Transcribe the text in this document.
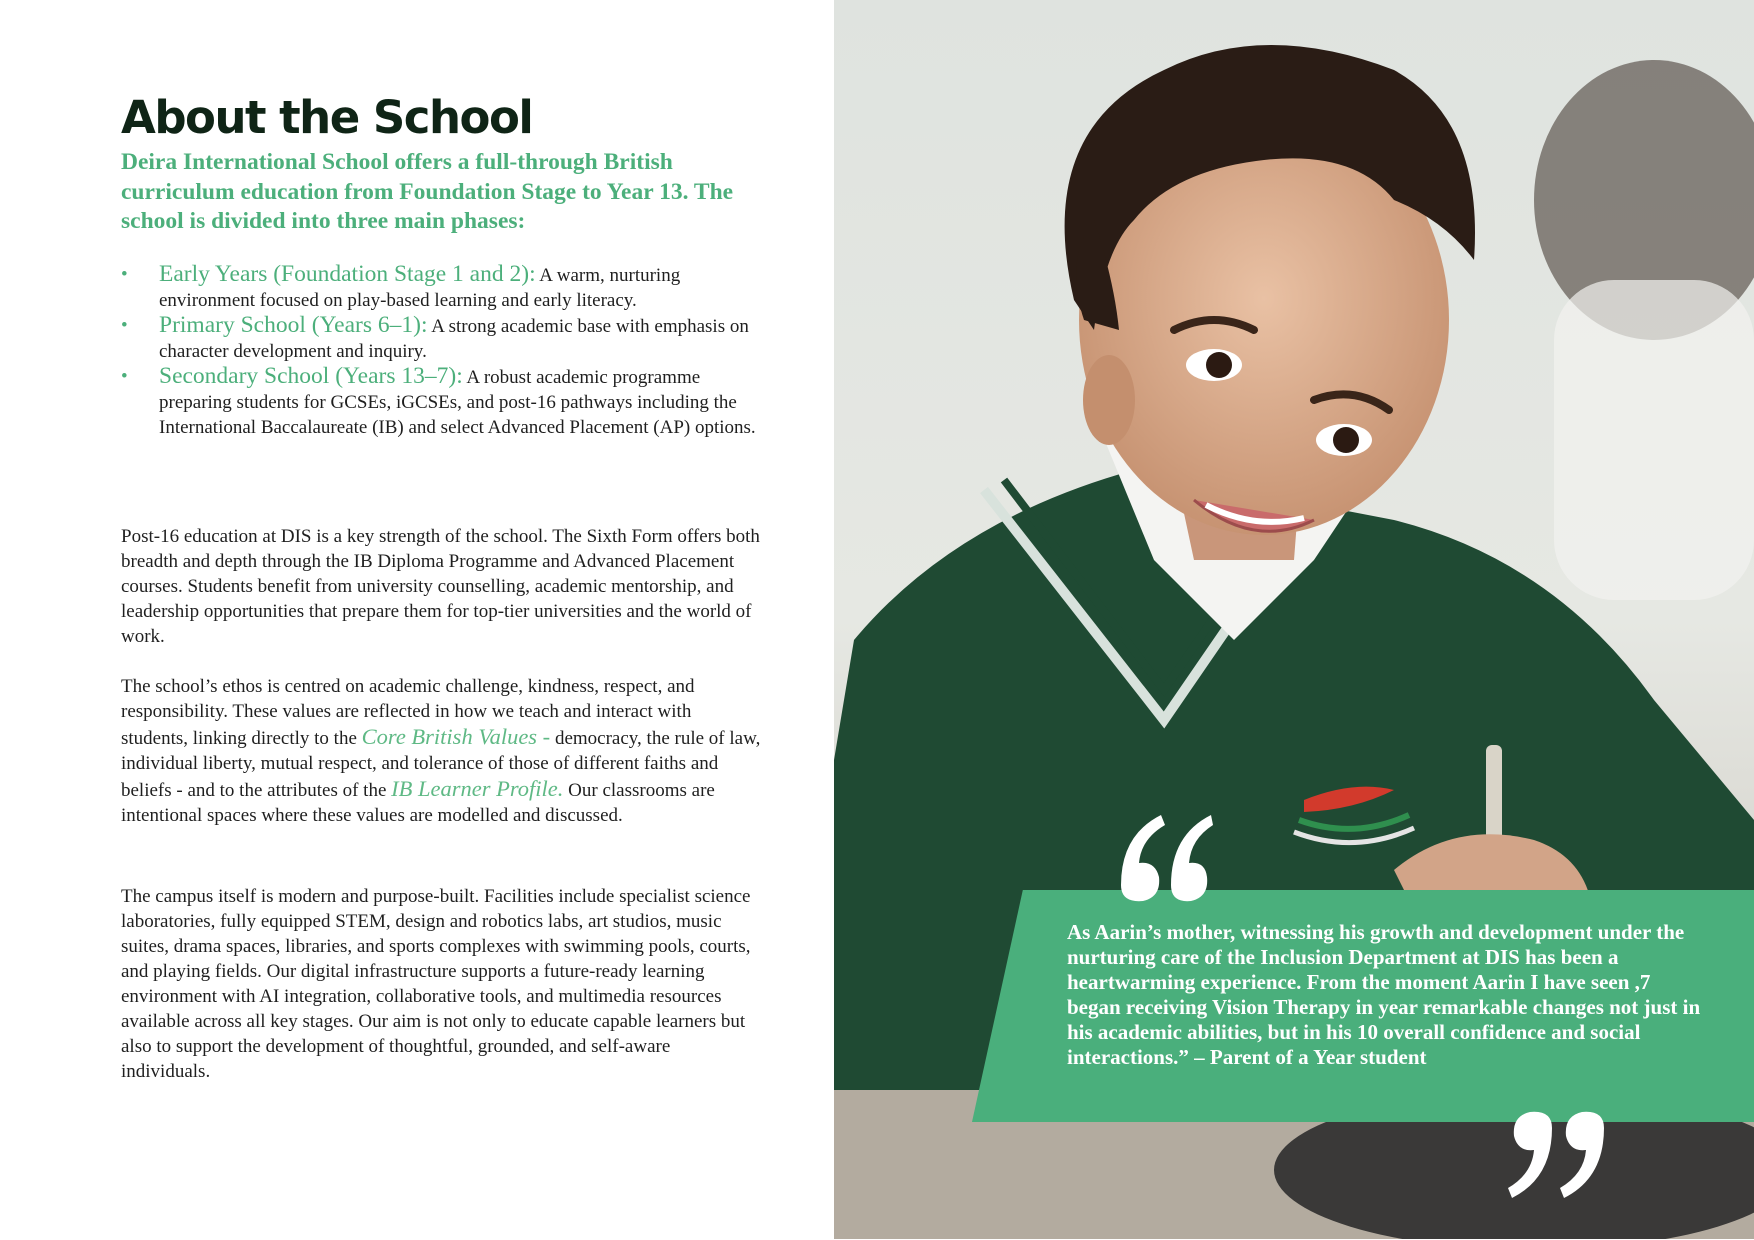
About the School

Deira International School offers a full-through British curriculum education from Foundation Stage to Year 13. The school is divided into three main phases:

• Early Years (Foundation Stage 1 and 2): A warm, nurturing environment focused on play-based learning and early literacy.
• Primary School (Years 6–1): A strong academic base with emphasis on character development and inquiry.
• Secondary School (Years 13–7): A robust academic programme preparing students for GCSEs, iGCSEs, and post-16 pathways including the International Baccalaureate (IB) and select Advanced Placement (AP) options.

Post-16 education at DIS is a key strength of the school. The Sixth Form offers both breadth and depth through the IB Diploma Programme and Advanced Placement courses. Students benefit from university counselling, academic mentorship, and leadership opportunities that prepare them for top-tier universities and the world of work.

The school’s ethos is centred on academic challenge, kindness, respect, and responsibility. These values are reflected in how we teach and interact with students, linking directly to the Core British Values - democracy, the rule of law, individual liberty, mutual respect, and tolerance of those of different faiths and beliefs - and to the attributes of the IB Learner Profile. Our classrooms are intentional spaces where these values are modelled and discussed.

The campus itself is modern and purpose-built. Facilities include specialist science laboratories, fully equipped STEM, design and robotics labs, art studios, music suites, drama spaces, libraries, and sports complexes with swimming pools, courts, and playing fields. Our digital infrastructure supports a future-ready learning environment with AI integration, collaborative tools, and multimedia resources available across all key stages. Our aim is not only to educate capable learners but also to support the development of thoughtful, grounded, and self-aware individuals.

As Aarin’s mother, witnessing his growth and development under the nurturing care of the Inclusion Department at DIS has been a heartwarming experience. From the moment Aarin I have seen ,7 began receiving Vision Therapy in year remarkable changes not just in his academic abilities, but in his 10 overall confidence and social interactions.” – Parent of a Year student
